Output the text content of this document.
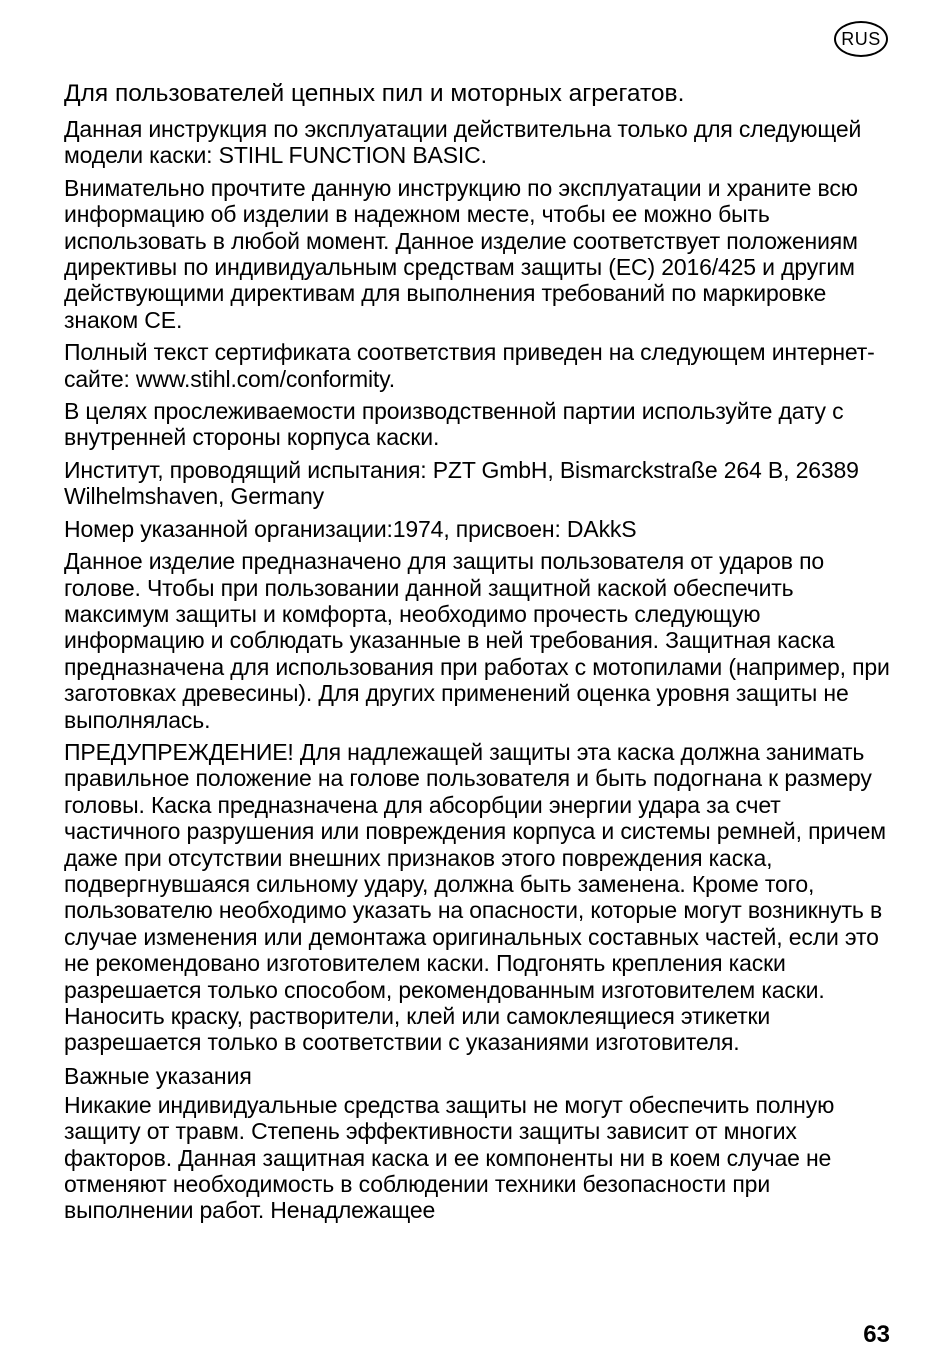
RUS
Для пользователей цепных пил и моторных агрегатов.

Данная инструкция по эксплуатации действительна только для следующей модели каски: STIHL FUNCTION BASIC.

Внимательно прочтите данную инструкцию по эксплуатации и храните всю информацию об изделии в надежном месте, чтобы ее можно быть использовать в любой момент. Данное изделие соответствует положениям директивы по индивидуальным средствам защиты (EC) 2016/425 и другим действующими директивам для выполнения требований по маркировке знаком CE.

Полный текст сертификата соответствия приведен на следующем интернет-сайте: www.stihl.com/conformity.

В целях прослеживаемости производственной партии используйте дату с внутренней стороны корпуса каски.

Институт, проводящий испытания: PZT GmbH, Bismarckstraße 264 B, 26389 Wilhelmshaven, Germany

Номер указанной организации:1974, присвоен: DAkkS

Данное изделие предназначено для защиты пользователя от ударов по голове. Чтобы при пользовании данной защитной каской обеспечить максимум защиты и комфорта, необходимо прочесть следующую информацию и соблюдать указанные в ней требования. Защитная каска предназначена для использования при работах с мотопилами (например, при заготовках древесины). Для других применений оценка уровня защиты не выполнялась.

ПРЕДУПРЕЖДЕНИЕ! Для надлежащей защиты эта каска должна занимать правильное положение на голове пользователя и быть подогнана к размеру головы. Каска предназначена для абсорбции энергии удара за счет частичного разрушения или повреждения корпуса и системы ремней, причем даже при отсутствии внешних признаков этого повреждения каска, подвергнувшаяся сильному удару, должна быть заменена. Кроме того, пользователю необходимо указать на опасности, которые могут возникнуть в случае изменения или демонтажа оригинальных составных частей, если это не рекомендовано изготовителем каски. Подгонять крепления каски разрешается только способом, рекомендованным изготовителем каски. Наносить краску, растворители, клей или самоклеящиеся этикетки разрешается только в соответствии с указаниями изготовителя.

Важные указания

Никакие индивидуальные средства защиты не могут обеспечить полную защиту от травм. Степень эффективности защиты зависит от многих факторов. Данная защитная каска и ее компоненты ни в коем случае не отменяют необходимость в соблюдении техники безопасности при выполнении работ. Ненадлежащее

63
